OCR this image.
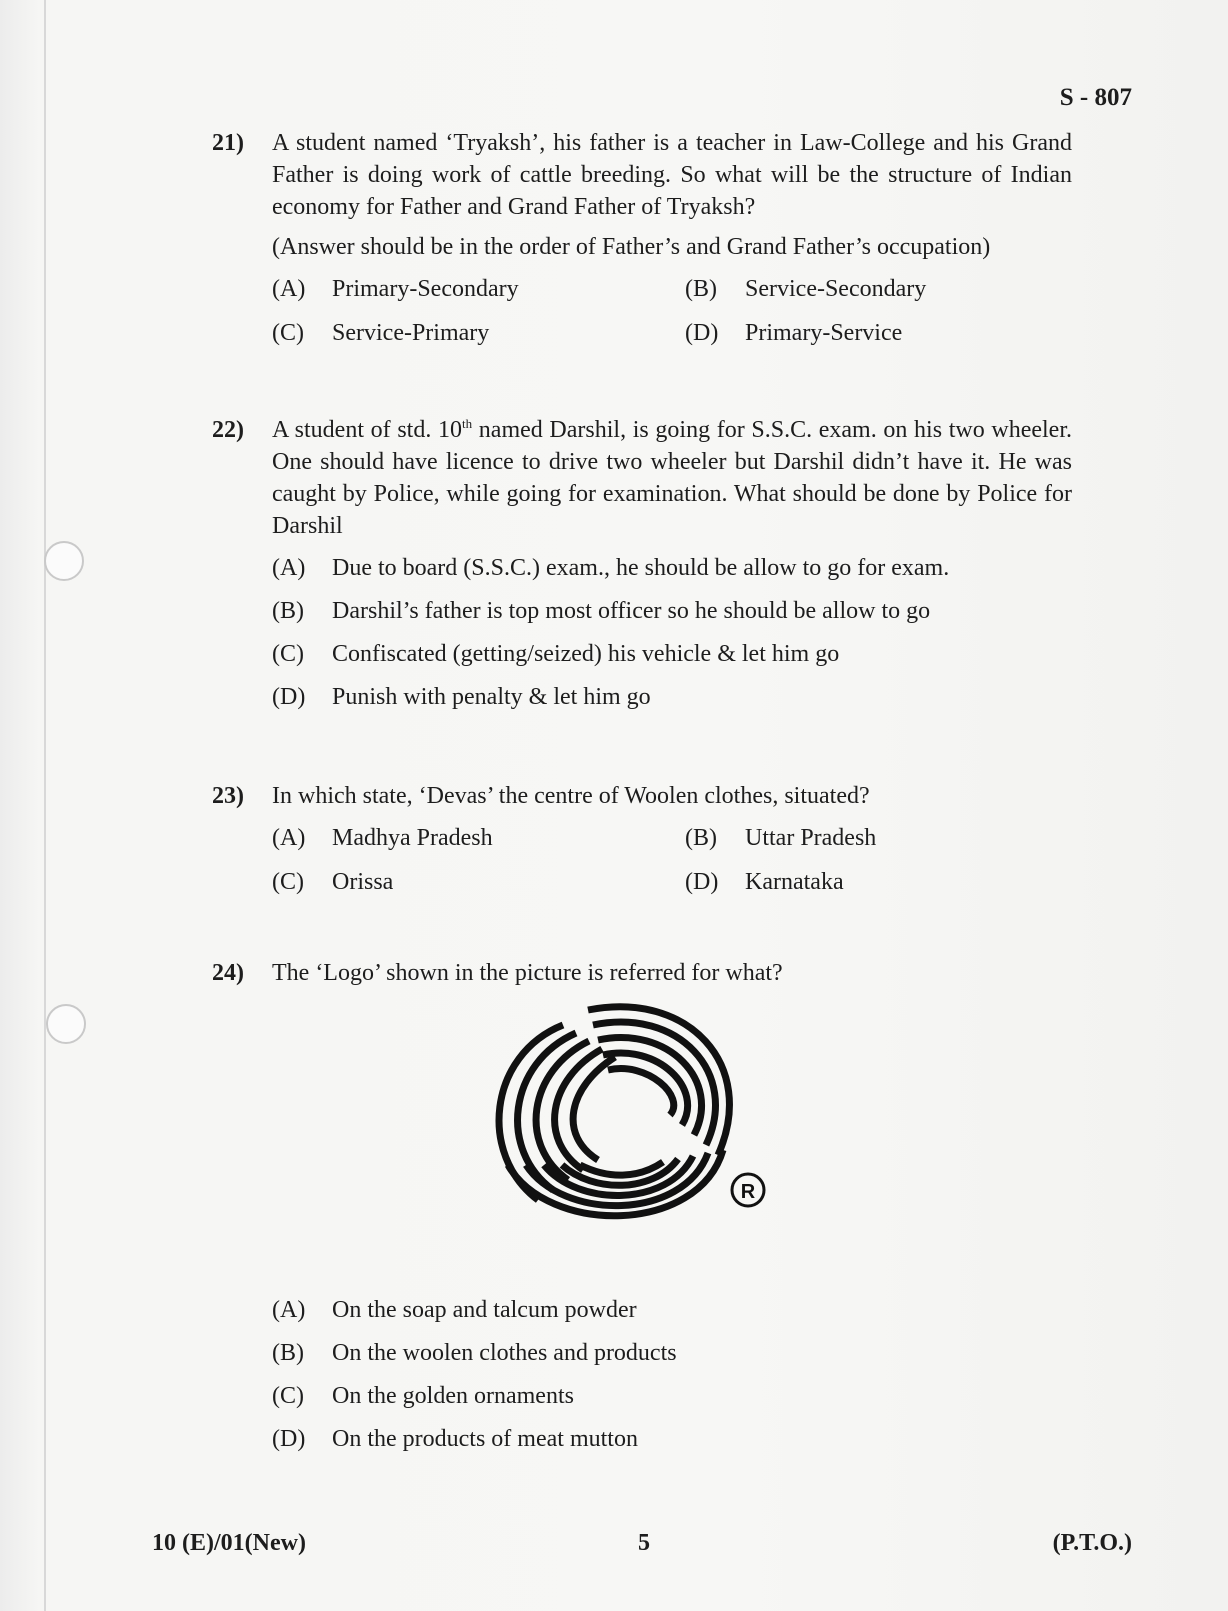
S - 807
21)	A student named ‘Tryaksh’, his father is a teacher in Law-College and his Grand Father is doing work of cattle breeding. So what will be the structure of Indian economy for Father and Grand Father of Tryaksh?
(Answer should be in the order of Father’s and Grand Father’s occupation)
(A)	Primary-Secondary	(B)	Service-Secondary
(C)	Service-Primary	(D)	Primary-Service
22)	A student of std. 10th named Darshil, is going for S.S.C. exam. on his two wheeler. One should have licence to drive two wheeler but Darshil didn’t have it. He was caught by Police, while going for examination. What should be done by Police for Darshil
(A)	Due to board (S.S.C.) exam., he should be allow to go for exam.
(B)	Darshil’s father is top most officer so he should be allow to go
(C)	Confiscated (getting/seized) his vehicle & let him go
(D)	Punish with penalty & let him go
23)	In which state, ‘Devas’ the centre of Woolen clothes, situated?
(A)	Madhya Pradesh	(B)	Uttar Pradesh
(C)	Orissa	(D)	Karnataka
24)	The ‘Logo’ shown in the picture is referred for what?
R
(A)	On the soap and talcum powder
(B)	On the woolen clothes and products
(C)	On the golden ornaments
(D)	On the products of meat mutton
10 (E)/01(New)	5	(P.T.O.)
